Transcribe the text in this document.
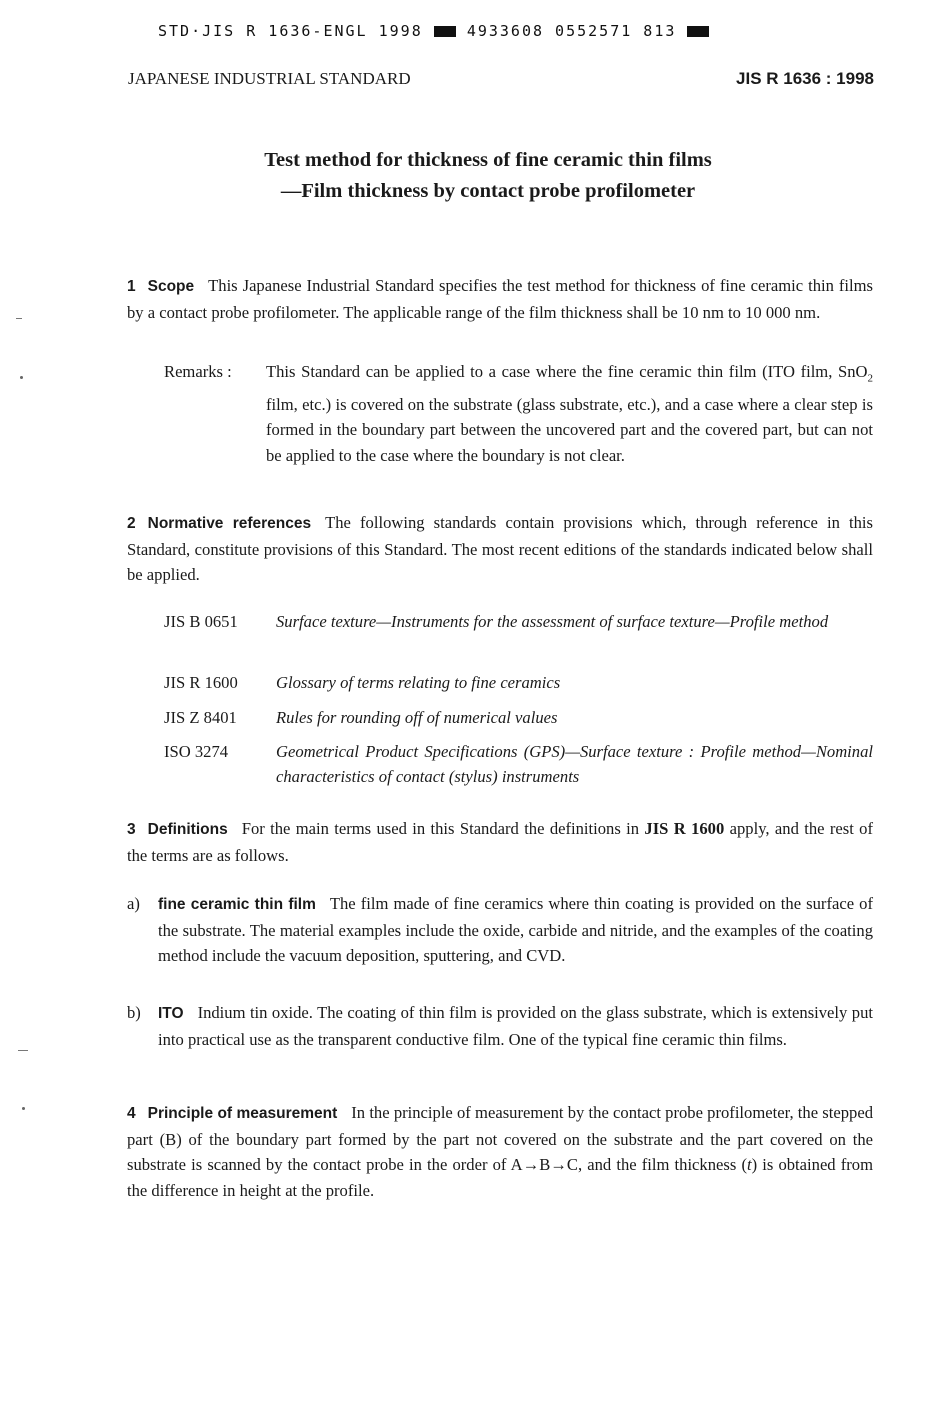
STD·JIS R 1636-ENGL 1998	4933608 0552571 813
JAPANESE INDUSTRIAL STANDARD	JIS R 1636 : 1998
Test method for thickness of fine ceramic thin films
—Film thickness by contact probe profilometer
1 Scope This Japanese Industrial Standard specifies the test method for thickness of fine ceramic thin films by a contact probe profilometer. The applicable range of the film thickness shall be 10 nm to 10 000 nm.
Remarks : This Standard can be applied to a case where the fine ceramic thin film (ITO film, SnO$_2$ film, etc.) is covered on the substrate (glass substrate, etc.), and a case where a clear step is formed in the boundary part between the uncovered part and the covered part, but can not be applied to the case where the boundary is not clear.
2 Normative references The following standards contain provisions which, through reference in this Standard, constitute provisions of this Standard. The most recent editions of the standards indicated below shall be applied.
JIS B 0651 Surface texture—Instruments for the assessment of surface texture—Profile method
JIS R 1600 Glossary of terms relating to fine ceramics
JIS Z 8401 Rules for rounding off of numerical values
ISO 3274	Geometrical Product Specifications (GPS)—Surface texture : Profile method—Nominal characteristics of contact (stylus) instruments
3 Definitions For the main terms used in this Standard the definitions in JIS R 1600 apply, and the rest of the terms are as follows.
a) fine ceramic thin film The film made of fine ceramics where thin coating is provided on the surface of the substrate. The material examples include the oxide, carbide and nitride, and the examples of the coating method include the vacuum deposition, sputtering, and CVD.
b) ITO Indium tin oxide. The coating of thin film is provided on the glass substrate, which is extensively put into practical use as the transparent conductive film. One of the typical fine ceramic thin films.
4 Principle of measurement In the principle of measurement by the contact probe profilometer, the stepped part (B) of the boundary part formed by the part not covered on the substrate and the part covered on the substrate is scanned by the contact probe in the order of A→B→C, and the film thickness (t) is obtained from the difference in height at the profile.
